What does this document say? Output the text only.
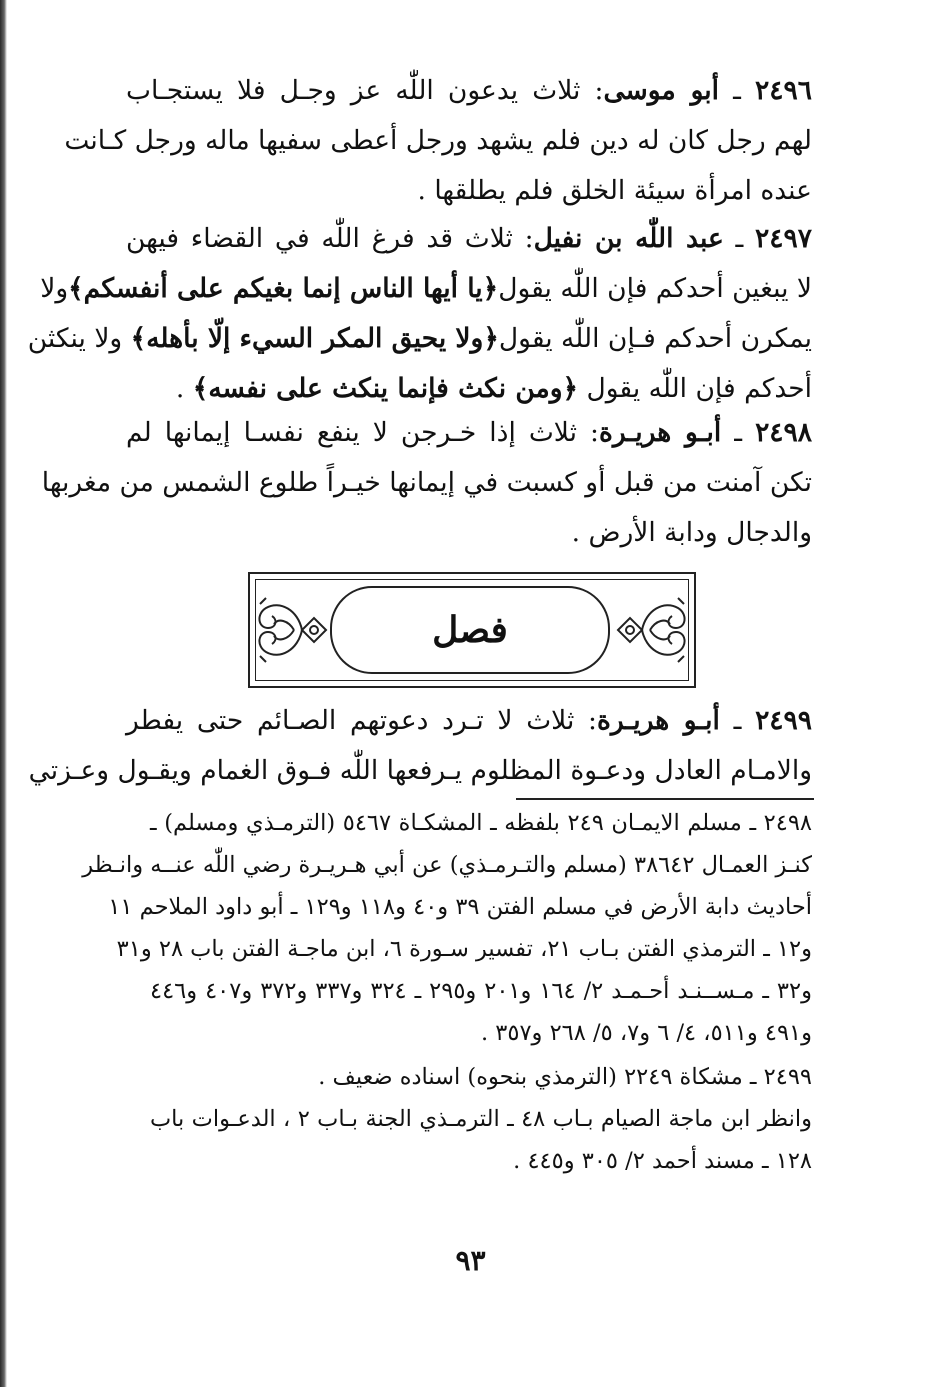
٢٤٩٦ ـ أبو موسى: ثلاث يدعون اللّٰه عز وجـل فلا يستجـاب
لهم رجل كان له دين فلم يشهد ورجل أعطى سفيها ماله ورجل كـانت
عنده امرأة سيئة الخلق فلم يطلقها .
٢٤٩٧ ـ عبد اللّٰه بن نفيل: ثلاث قد فرغ اللّٰه في القضاء فيهن
لا يبغين أحدكم فإن اللّٰه يقول﴿يا أيها الناس إنما بغيكم على أنفسكم﴾ولا
يمكرن أحدكم فـإن اللّٰه يقول﴿ولا يحيق المكر السيء إلّا بأهله﴾ ولا ينكثن
أحدكم فإن اللّٰه يقول ﴿ومن نكث فإنما ينكث على نفسه﴾ .
٢٤٩٨ ـ أبـو هريـرة: ثلاث إذا خـرجن لا ينفع نفسـا إيمانها لم
تكن آمنت من قبل أو كسبت في إيمانها خيـراً طلوع الشمس من مغربها
والدجال ودابة الأرض .
فصل
٢٤٩٩ ـ أبـو هريـرة: ثلاث لا تـرد دعوتهم الصـائم حتى يفطر
والامـام العادل ودعـوة المظلوم يـرفعها اللّٰه فـوق الغمام ويقـول وعـزتي
٢٤٩٨ ـ مسلم الايمـان ٢٤٩ بلفظه ـ المشكـاة ٥٤٦٧ (الترمـذي ومسلم) ـ
كنـز العمـال ٣٨٦٤٢ (مسلم والتـرمـذي) عن أبي هـريـرة رضي اللّٰه عنــه وانـظر
أحاديث دابة الأرض في مسلم الفتن ٣٩ و٤٠ و١١٨ و١٢٩ ـ أبو داود الملاحم ١١
و١٢ ـ الترمذي الفتن بـاب ٢١، تفسير سـورة ٦، ابن ماجـة الفتن باب ٢٨ و٣١
و٣٢ ـ مـســنـد أحـمـد ٢/ ١٦٤ و٢٠١ و٢٩٥ ـ ٣٢٤ و٣٣٧ و٣٧٢ و٤٠٧ و٤٤٦
و٤٩١ و٥١١، ٤/ ٦ و٧، ٥/ ٢٦٨ و٣٥٧ .
٢٤٩٩ ـ مشكاة ٢٢٤٩ (الترمذي بنحوه) اسناده ضعيف .
وانظر ابن ماجة الصيام بـاب ٤٨ ـ الترمـذي الجنة بـاب ٢ ، الدعـوات باب
١٢٨ ـ مسند أحمد ٢/ ٣٠٥ و٤٤٥ .
٩٣
